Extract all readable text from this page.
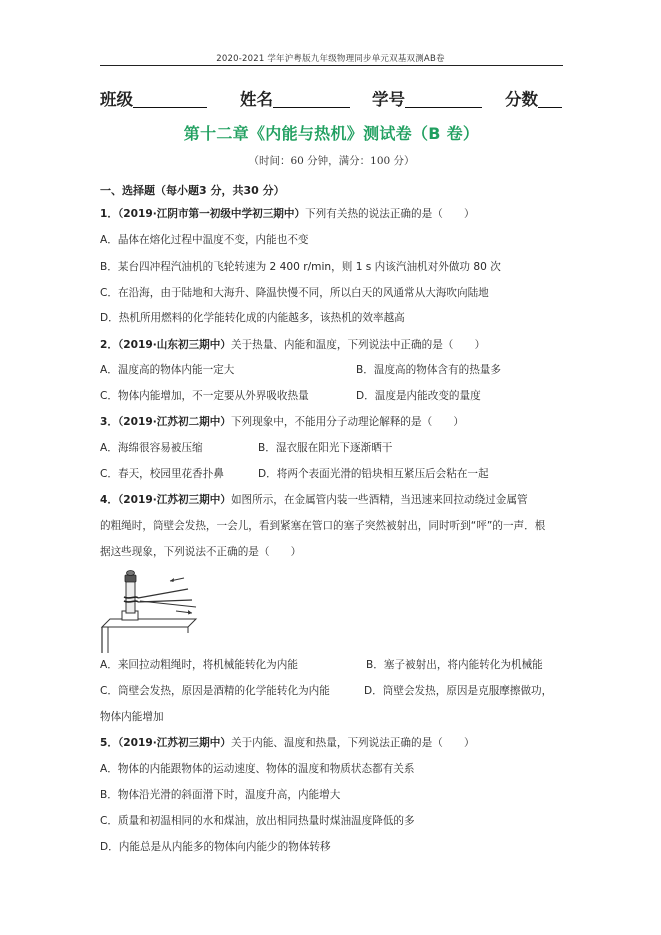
2020-2021 学年沪粤版九年级物理同步单元双基双测AB卷
班级	姓名	学号	分数
第十二章《内能与热机》测试卷（B 卷）
（时间：60 分钟，满分：100 分）
一、选择题（每小题3 分，共30 分）
1．（2019·江阴市第一初级中学初三期中）下列有关热的说法正确的是（　　）
A．晶体在熔化过程中温度不变，内能也不变
B．某台四冲程汽油机的飞轮转速为 2 400 r/min，则 1 s 内该汽油机对外做功 80 次
C．在沿海，由于陆地和大海升、降温快慢不同，所以白天的风通常从大海吹向陆地
D．热机所用燃料的化学能转化成的内能越多，该热机的效率越高
2．（2019·山东初三期中）关于热量、内能和温度，下列说法中正确的是（　　）
A．温度高的物体内能一定大	B．温度高的物体含有的热量多
C．物体内能增加，不一定要从外界吸收热量	D．温度是内能改变的量度
3．（2019·江苏初二期中）下列现象中，不能用分子动理论解释的是（　　）
A．海绵很容易被压缩	B．湿衣服在阳光下逐渐晒干
C．春天，校园里花香扑鼻	D．将两个表面光滑的铅块相互紧压后会粘在一起
4．（2019·江苏初三期中）如图所示，在金属管内装一些酒精，当迅速来回拉动绕过金属管
的粗绳时，筒壁会发热，一会儿，看到紧塞在管口的塞子突然被射出，同时听到“呯”的一声．根
据这些现象，下列说法不正确的是（　　）
A．来回拉动粗绳时，将机械能转化为内能	B．塞子被射出，将内能转化为机械能
C．筒壁会发热，原因是酒精的化学能转化为内能	D．筒壁会发热，原因是克服摩擦做功，
物体内能增加
5．（2019·江苏初三期中）关于内能、温度和热量，下列说法正确的是（　　）
A．物体的内能跟物体的运动速度、物体的温度和物质状态都有关系
B．物体沿光滑的斜面滑下时，温度升高，内能增大
C．质量和初温相同的水和煤油，放出相同热量时煤油温度降低的多
D．内能总是从内能多的物体向内能少的物体转移
